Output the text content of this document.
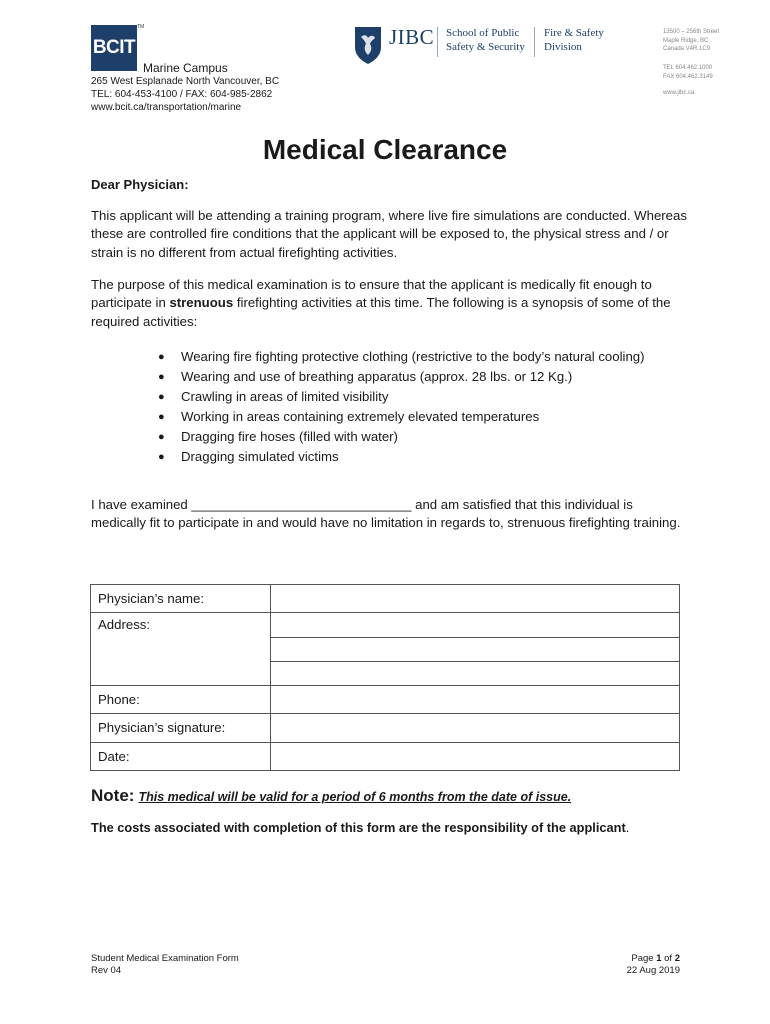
BCIT
TM
Marine Campus
265 West Esplanade North Vancouver, BC
TEL: 604-453-4100 / FAX: 604-985-2862
www.bcit.ca/transportation/marine
JIBC School of Public
Safety & Security
Fire & Safety
Division
13500 – 256th Street
Maple Ridge, BC
Canada V4R 1C9
TEL 604.462.1000
FAX 604.462.3149
www.jibc.ca
Medical Clearance
Dear Physician:
This applicant will be attending a training program, where live fire simulations are conducted. Whereas these are controlled fire conditions that the applicant will be exposed to, the physical stress and / or strain is no different from actual firefighting activities.
The purpose of this medical examination is to ensure that the applicant is medically fit enough to participate in strenuous firefighting activities at this time. The following is a synopsis of some of the required activities:
● Wearing fire fighting protective clothing (restrictive to the body’s natural cooling)
● Wearing and use of breathing apparatus (approx. 28 lbs. or 12 Kg.)
● Crawling in areas of limited visibility
● Working in areas containing extremely elevated temperatures
● Dragging fire hoses (filled with water)
● Dragging simulated victims
I have examined ______________________________ and am satisfied that this individual is medically fit to participate in and would have no limitation in regards to, strenuous firefighting training.
Physician’s name:	
Address:	

Phone:	
Physician’s signature:	
Date:	
Note: This medical will be valid for a period of 6 months from the date of issue.
The costs associated with completion of this form are the responsibility of the applicant.
Student Medical Examination Form
Rev 04
Page 1 of 2
22 Aug 2019
